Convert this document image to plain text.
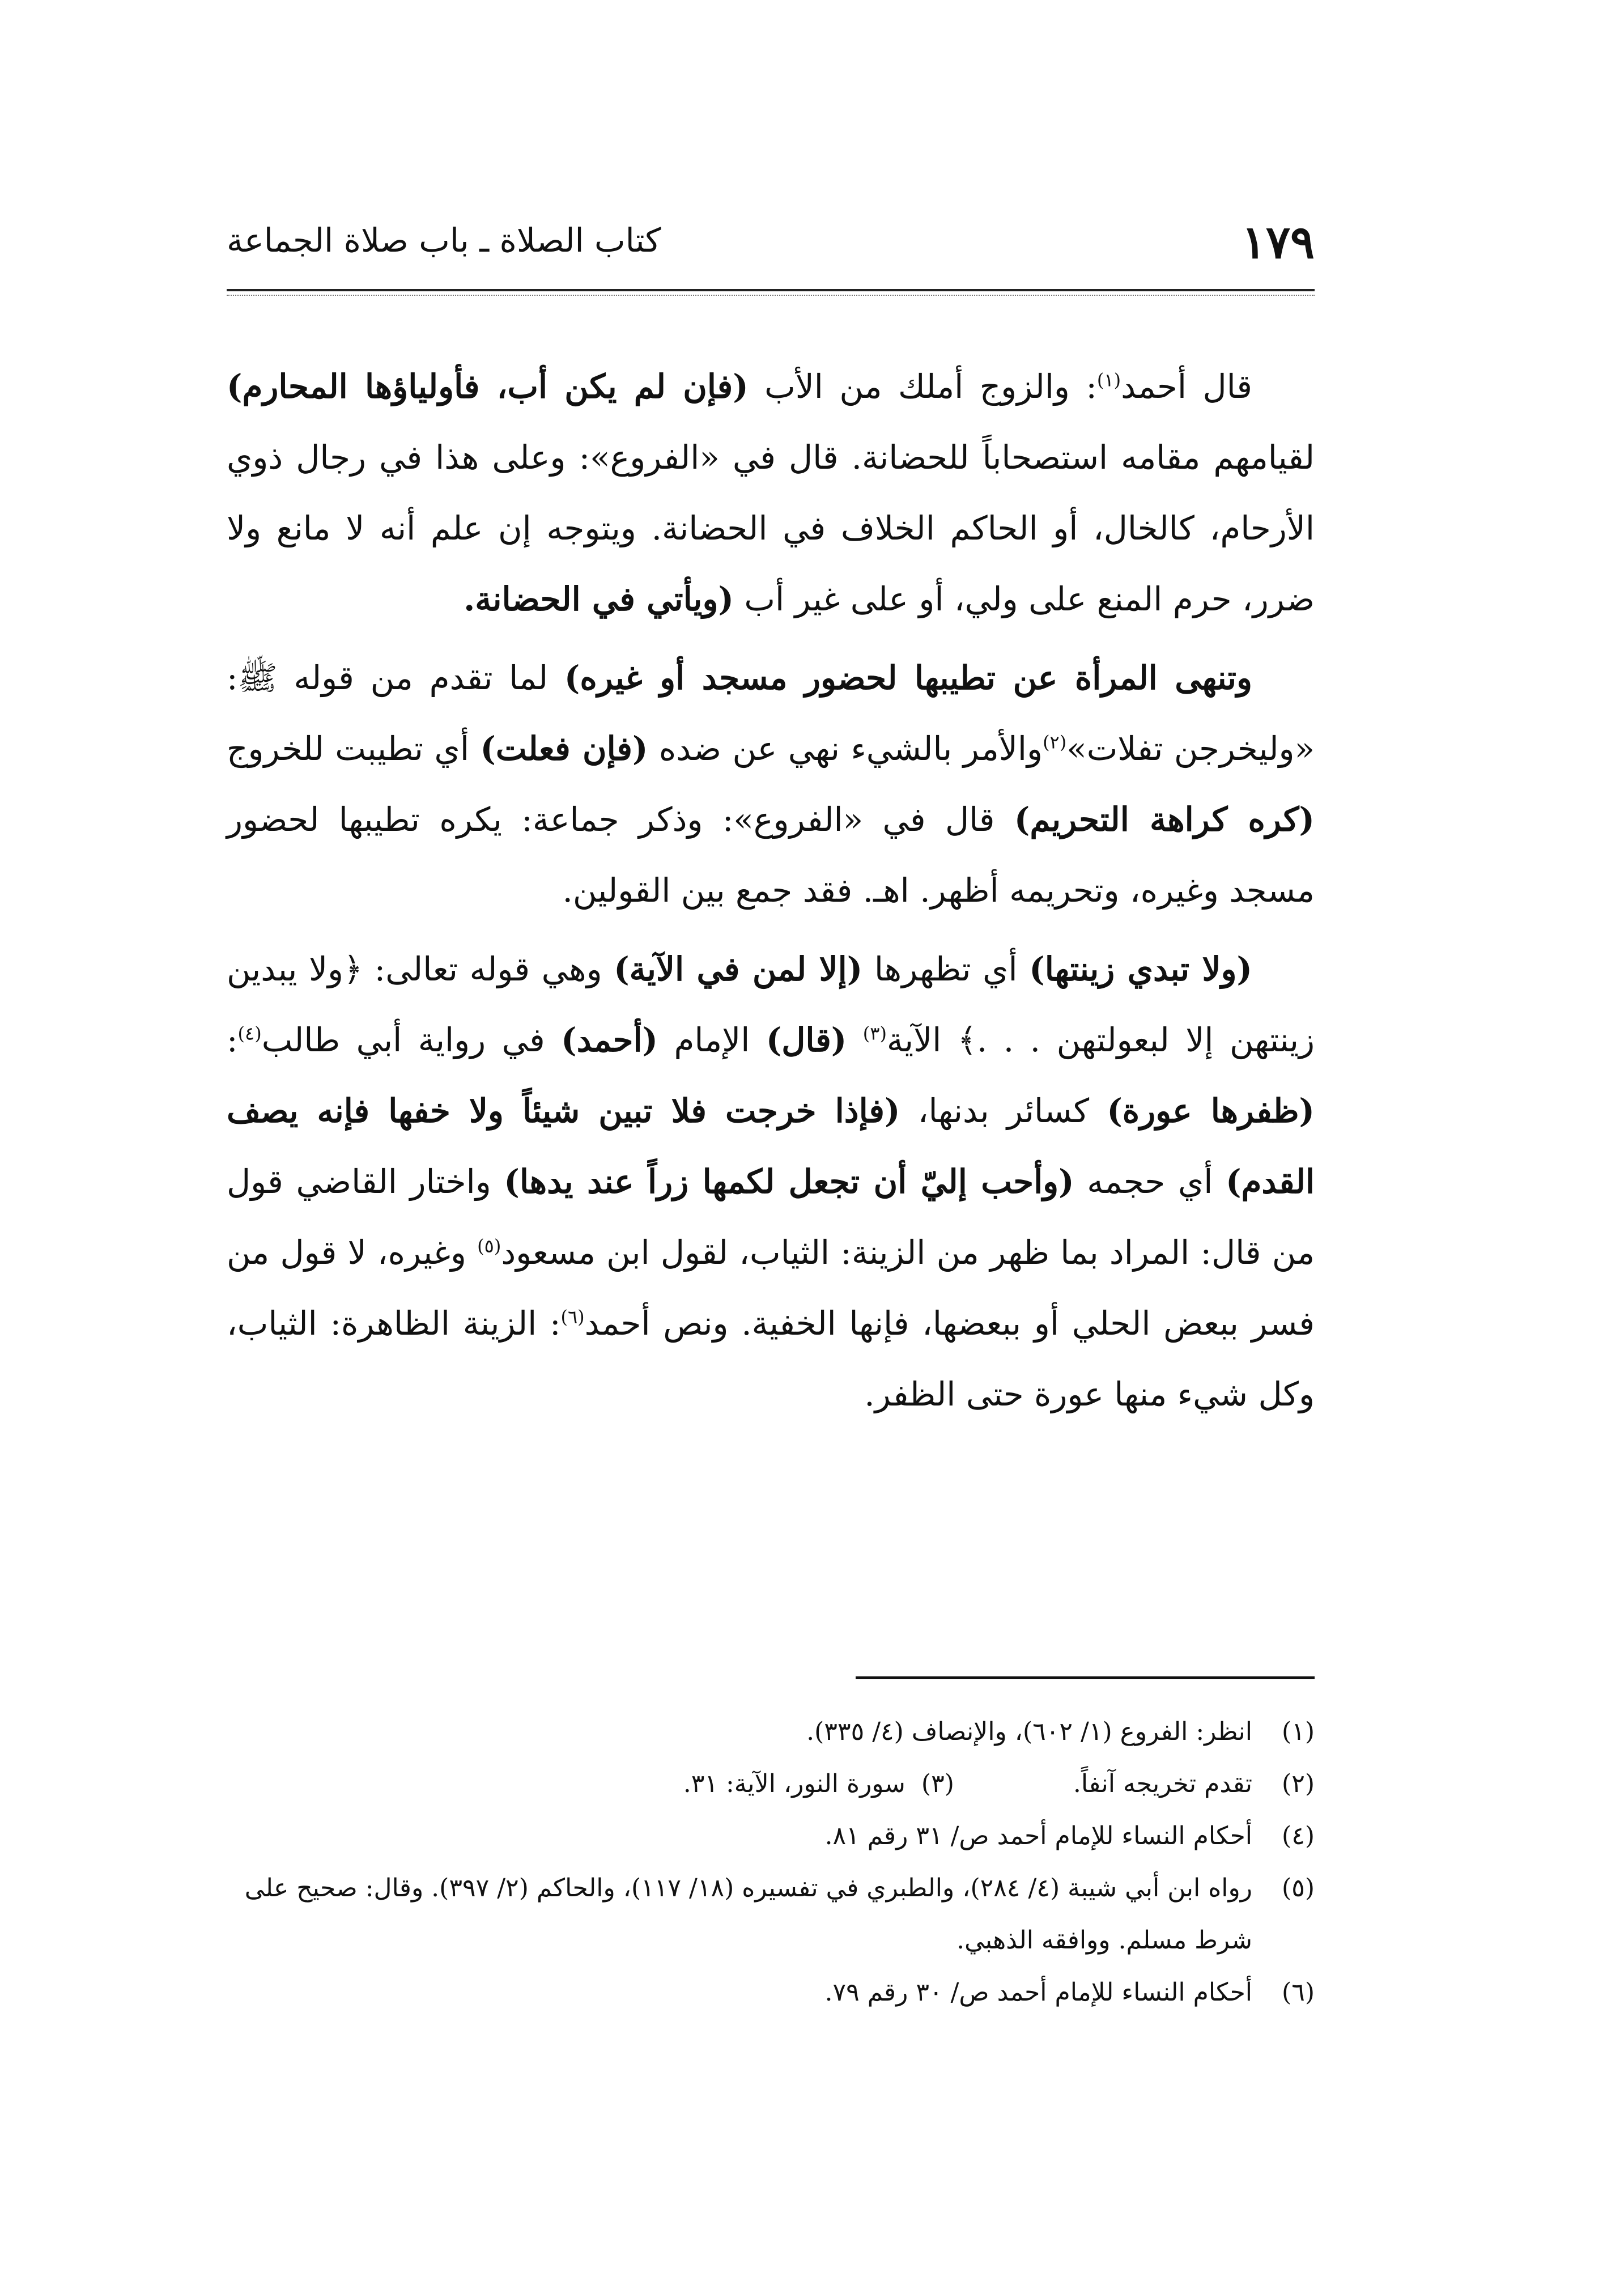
١٧٩
كتاب الصلاة ـ باب صلاة الجماعة

قال أحمد$^{(١)}$: والزوج أملك من الأب (فإن لم يكن أب، فأولياؤها المحارم) لقيامهم مقامه استصحاباً للحضانة. قال في «الفروع»: وعلى هذا في رجال ذوي الأرحام، كالخال، أو الحاكم الخلاف في الحضانة. ويتوجه إن علم أنه لا مانع ولا ضرر، حرم المنع على ولي، أو على غير أب (ويأتي في الحضانة.

وتنهى المرأة عن تطيبها لحضور مسجد أو غيره) لما تقدم من قوله ﷺ: «وليخرجن تفلات»$^{(٢)}$والأمر بالشيء نهي عن ضده (فإن فعلت) أي تطيبت للخروج (كره كراهة التحريم) قال في «الفروع»: وذكر جماعة: يكره تطيبها لحضور مسجد وغيره، وتحريمه أظهر. اهـ. فقد جمع بين القولين.

(ولا تبدي زينتها) أي تظهرها (إلا لمن في الآية) وهي قوله تعالى: ﴿ولا يبدين زينتهن إلا لبعولتهن . . .﴾ الآية$^{(٣)}$ (قال) الإمام (أحمد) في رواية أبي طالب$^{(٤)}$: (ظفرها عورة) كسائر بدنها، (فإذا خرجت فلا تبين شيئاً ولا خفها فإنه يصف القدم) أي حجمه (وأحب إليّ أن تجعل لكمها زراً عند يدها) واختار القاضي قول من قال: المراد بما ظهر من الزينة: الثياب، لقول ابن مسعود$^{(٥)}$ وغيره، لا قول من فسر ببعض الحلي أو ببعضها، فإنها الخفية. ونص أحمد$^{(٦)}$: الزينة الظاهرة: الثياب، وكل شيء منها عورة حتى الظفر.

(١)
انظر: الفروع (١/ ٦٠٢)، والإنصاف (٤/ ٣٣٥).
(٢)
تقدم تخريجه آنفاً.(٣)  سورة النور، الآية: ٣١.
(٤)
أحكام النساء للإمام أحمد ص/ ٣١ رقم ٨١.
(٥)
رواه ابن أبي شيبة (٤/ ٢٨٤)، والطبري في تفسيره (١٨/ ١١٧)، والحاكم (٢/ ٣٩٧). وقال: صحيح على شرط مسلم. ووافقه الذهبي.
(٦)
أحكام النساء للإمام أحمد ص/ ٣٠ رقم ٧٩.
